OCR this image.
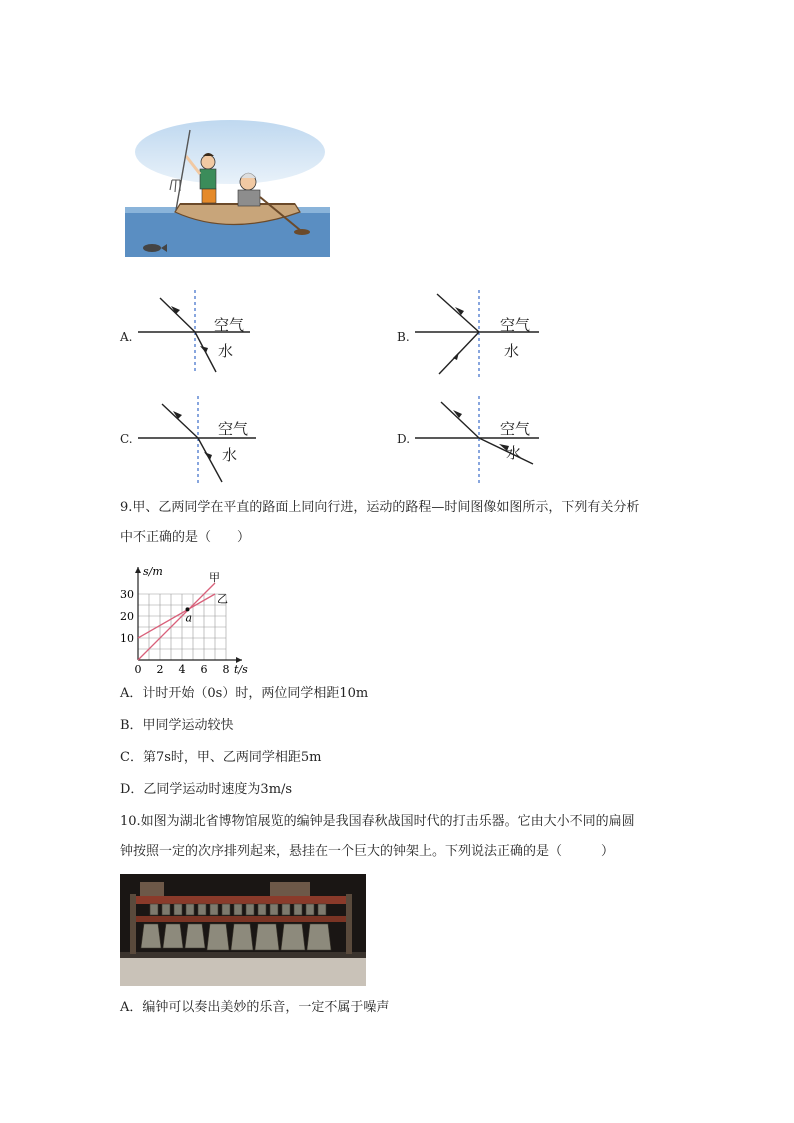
A.
空气
水
B.
空气
水
C.
空气
水
D.
空气
水
9.甲、乙两同学在平直的路面上同向行进，运动的路程—时间图像如图所示，下列有关分析
中不正确的是（　　）
0 2 4 6 8
10
20
30
s/m
t/s
甲
乙
a
A．计时开始（0s）时，两位同学相距10m
B．甲同学运动较快
C．第7s时，甲、乙两同学相距5m
D．乙同学运动时速度为3m/s
10.如图为湖北省博物馆展览的编钟是我国春秋战国时代的打击乐器。它由大小不同的扁圆
钟按照一定的次序排列起来，悬挂在一个巨大的钟架上。下列说法正确的是（　　　）
A．编钟可以奏出美妙的乐音，一定不属于噪声
